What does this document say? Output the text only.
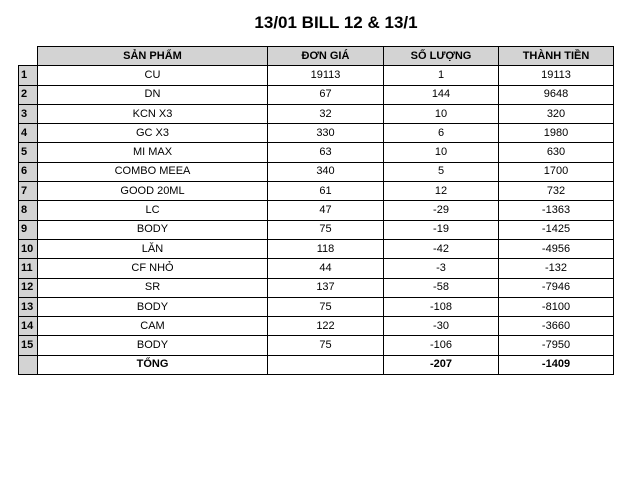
13/01 BILL 12 & 13/1
	SẢN PHẨM	ĐƠN GIÁ	SỐ LƯỢNG	THÀNH TIỀN
1	CU	19113	1	19113
2	DN	67	144	9648
3	KCN X3	32	10	320
4	GC X3	330	6	1980
5	MI MAX	63	10	630
6	COMBO MEEA	340	5	1700
7	GOOD 20ML	61	12	732
8	LC	47	-29	-1363
9	BODY	75	-19	-1425
10	LĂN	118	-42	-4956
11	CF NHỎ	44	-3	-132
12	SR	137	-58	-7946
13	BODY	75	-108	-8100
14	CAM	122	-30	-3660
15	BODY	75	-106	-7950
	TỔNG		-207	-1409
